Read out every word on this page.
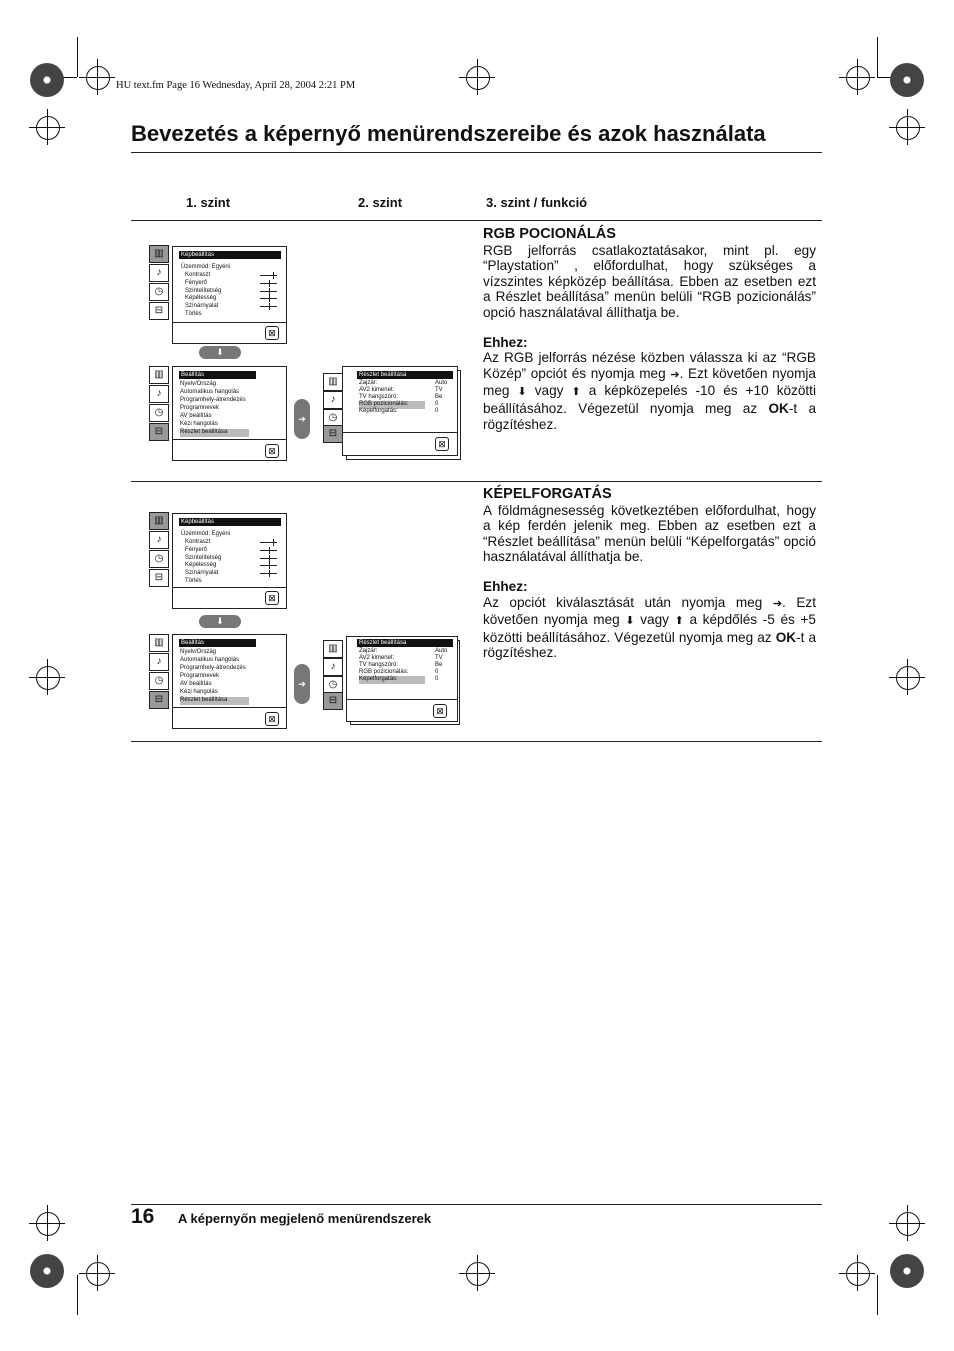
HU text.fm Page 16 Wednesday, April 28, 2004 2:21 PM
Bevezetés a képernyő menürendszereibe és azok használata
1. szint	2. szint	3. szint / funkció
▥
♪
◷
⊟
Képbeállítás
Üzemmód: Egyéni
Kontraszt
Fényerő
Színtelítetség
Képélesség
Színárnyalat
Törlés
⊠
⬇
▥
♪
◷
⊟
Beállítás
Nyelv/Ország
Automatikus hangolás
Programhely-átrendezés
Programnevek
AV beállítás
Kézi hangolás
Részlet beállítása
⊠
➔
▥
♪
◷
⊟
Részlet beállítása
Zajzár:
AV2 kimenet:
TV hangszóró:
RGB pozicionálás:
Képelforgatás:
Auto
TV
Be
0
0
⊠

RGB POCIONÁLÁS

RGB jelforrás csatlakoztatásakor, mint pl. egy “Playstation” , előfordulhat, hogy szükséges a vízszintes képközép beállítása. Ebben az esetben ezt a Részlet beállítása” menün belüli “RGB pozicionálás” opció használatával állíthatja be.

Ehhez:

Az RGB jelforrás nézése közben válassza ki az “RGB Közép” opciót és nyomja meg ➔. Ezt követően nyomja meg ⬇ vagy ⬆ a képközepelés -10 és +10 közötti beállításához. Végezetül nyomja meg az OK-t a rögzítéshez.

▥
♪
◷
⊟
Képbeállítás
Üzemmód: Egyéni
Kontraszt
Fényerő
Színtelítetség
Képélesség
Színárnyalat
Törlés
⊠
⬇
▥
♪
◷
⊟
Beállítás
Nyelv/Ország
Automatikus hangolás
Programhely-átrendezés
Programnevek
AV beállítás
Kézi hangolás
Részlet beállítása
⊠
➔
▥
♪
◷
⊟
Részlet beállítása
Zajzár:
AV2 kimenet:
TV hangszóró:
RGB pozicionálás:
Képelforgatás:
Auto
TV
Be
0
0
⊠

KÉPELFORGATÁS

A földmágnesesség következtében előfordulhat, hogy a kép ferdén jelenik meg. Ebben az esetben ezt a “Részlet beállítása” menün belüli “Képelforgatás” opció használatával állíthatja be.

Ehhez:

Az opciót kiválasztását után nyomja meg ➔. Ezt követően nyomja meg ⬇ vagy ⬆ a képdőlés -5 és +5 közötti beállításához. Végezetül nyomja meg az OK-t a rögzítéshez.

16 A képernyőn megjelenő menürendszerek
